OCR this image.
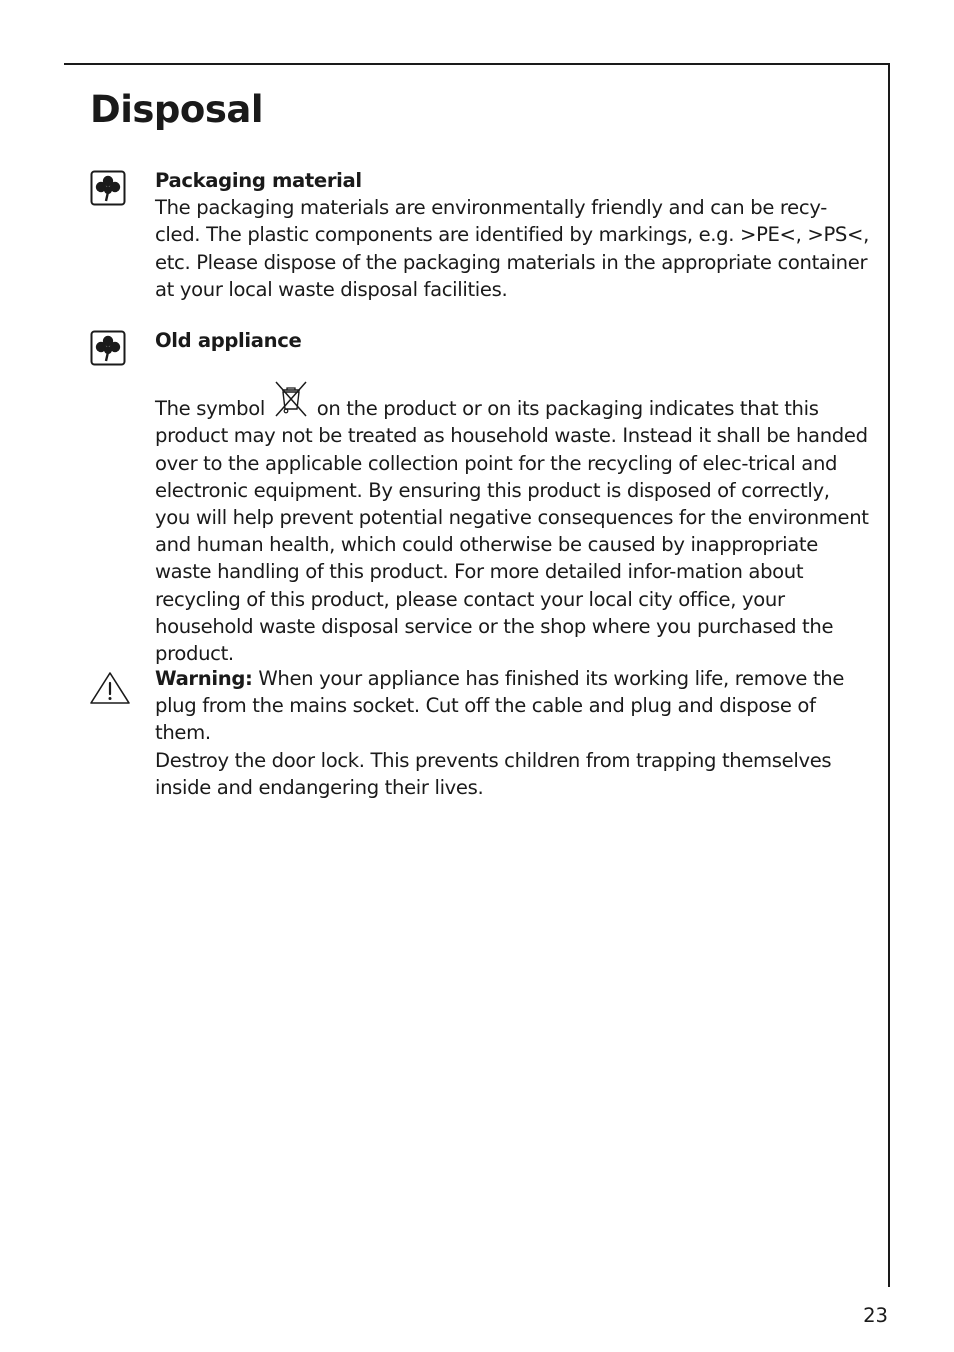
Disposal

Packaging material

The packaging materials are environmentally friendly and can be recy-cled. The plastic components are identified by markings, e.g. >PE<, >PS<, etc. Please dispose of the packaging materials in the appropriate container at your local waste disposal facilities.

Old appliance

The symbol	on the product or on its packaging indicates that this product may not be treated as household waste. Instead it shall be handed over to the applicable collection point for the recycling of elec-trical and electronic equipment. By ensuring this product is disposed of correctly, you will help prevent potential negative consequences for the environment and human health, which could otherwise be caused by inappropriate waste handling of this product. For more detailed infor-mation about recycling of this product, please contact your local city office, your household waste disposal service or the shop where you purchased the product.

Warning: When your appliance has finished its working life, remove the plug from the mains socket. Cut off the cable and plug and dispose of them.

Destroy the door lock. This prevents children from trapping themselves inside and endangering their lives.

23
